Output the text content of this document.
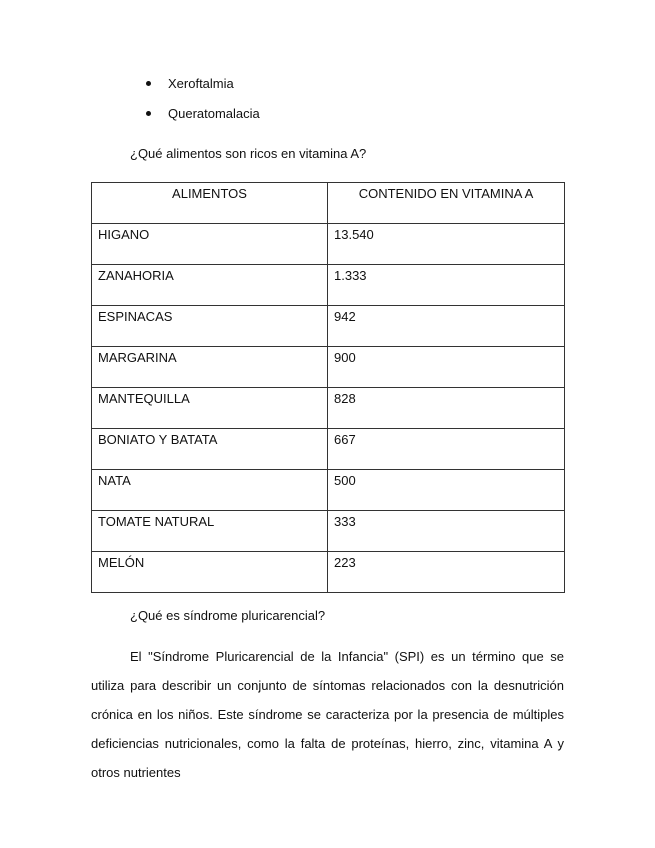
Xeroftalmia
Queratomalacia
¿Qué alimentos son ricos en vitamina A?
ALIMENTOS	CONTENIDO EN VITAMINA A
HIGANO	13.540
ZANAHORIA	1.333
ESPINACAS	942
MARGARINA	900
MANTEQUILLA	828
BONIATO Y BATATA	667
NATA	500
TOMATE NATURAL	333
MELÓN	223
¿Qué es síndrome pluricarencial?

El "Síndrome Pluricarencial de la Infancia" (SPI) es un término que se utiliza para describir un conjunto de síntomas relacionados con la desnutrición crónica en los niños. Este síndrome se caracteriza por la presencia de múltiples deficiencias nutricionales, como la falta de proteínas, hierro, zinc, vitamina A y otros nutrientes
